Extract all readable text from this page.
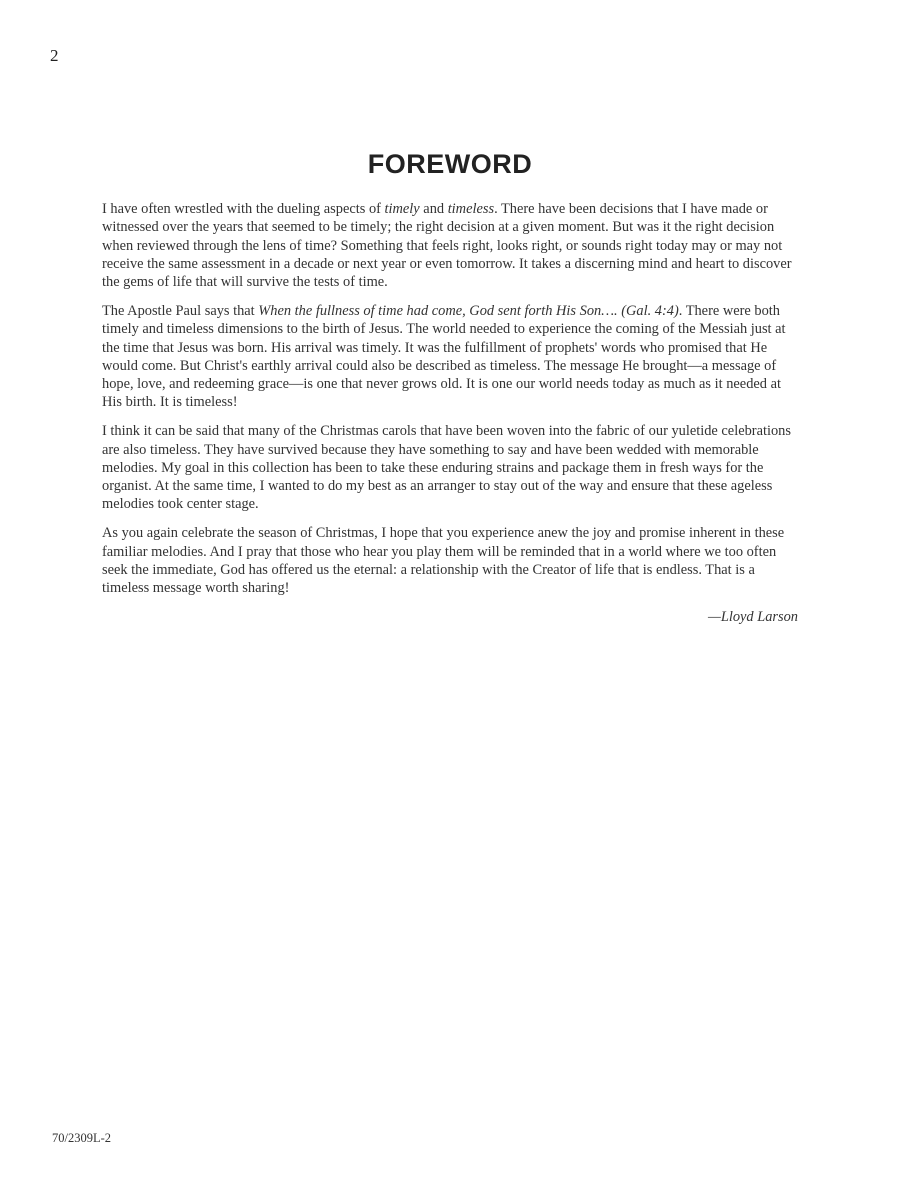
2
FOREWORD

I have often wrestled with the dueling aspects of timely and timeless. There have been decisions that I have made or witnessed over the years that seemed to be timely; the right decision at a given moment. But was it the right decision when reviewed through the lens of time? Something that feels right, looks right, or sounds right today may or may not receive the same assessment in a decade or next year or even tomorrow. It takes a discerning mind and heart to discover the gems of life that will survive the tests of time.

The Apostle Paul says that When the fullness of time had come, God sent forth His Son…. (Gal. 4:4). There were both timely and timeless dimensions to the birth of Jesus. The world needed to experience the coming of the Messiah just at the time that Jesus was born. His arrival was timely. It was the fulfillment of prophets' words who promised that He would come. But Christ's earthly arrival could also be described as timeless. The message He brought—a message of hope, love, and redeeming grace—is one that never grows old. It is one our world needs today as much as it needed at His birth. It is timeless!

I think it can be said that many of the Christmas carols that have been woven into the fabric of our yuletide celebrations are also timeless. They have survived because they have something to say and have been wedded with memorable melodies. My goal in this collection has been to take these enduring strains and package them in fresh ways for the organist. At the same time, I wanted to do my best as an arranger to stay out of the way and ensure that these ageless melodies took center stage.

As you again celebrate the season of Christmas, I hope that you experience anew the joy and promise inherent in these familiar melodies. And I pray that those who hear you play them will be reminded that in a world where we too often seek the immediate, God has offered us the eternal: a relationship with the Creator of life that is endless. That is a timeless message worth sharing!

—Lloyd Larson

70/2309L-2
